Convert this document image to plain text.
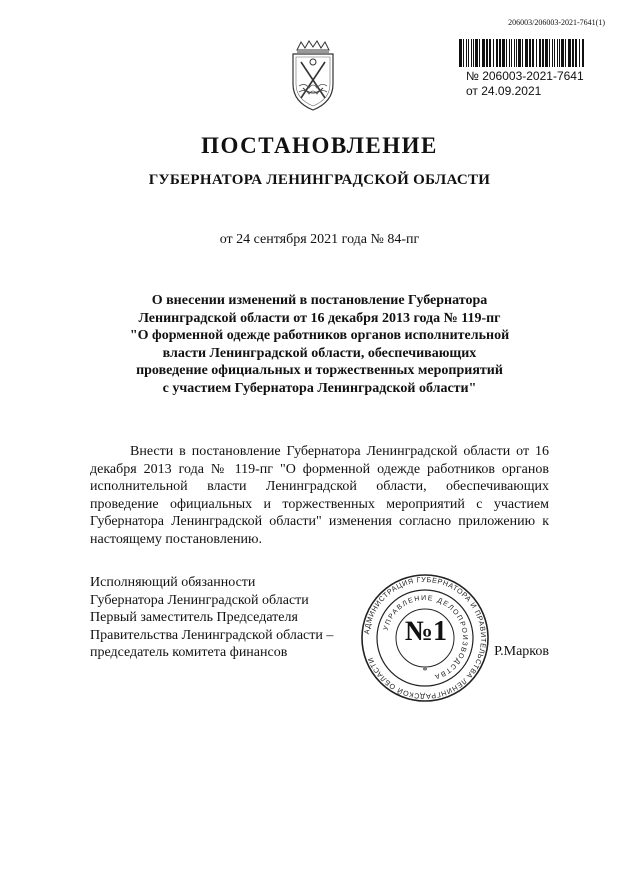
206003/206003-2021-7641(1)
№ 206003-2021-7641
от 24.09.2021
ПОСТАНОВЛЕНИЕ
ГУБЕРНАТОРА ЛЕНИНГРАДСКОЙ ОБЛАСТИ
от 24 сентября 2021 года № 84-пг
О внесении изменений в постановление Губернатора
Ленинградской области от 16 декабря 2013 года № 119-пг
"О форменной одежде работников органов исполнительной
власти Ленинградской области, обеспечивающих
проведение официальных и торжественных мероприятий
с участием Губернатора Ленинградской области"
Внести в постановление Губернатора Ленинградской области от 16 декабря 2013 года № 119-пг "О форменной одежде работников органов исполнительной власти Ленинградской области, обеспечивающих проведение официальных и торжественных мероприятий с участием Губернатора Ленинградской области" изменения согласно приложению к настоящему постановлению.
Исполняющий обязанности
Губернатора Ленинградской области
Первый заместитель Председателя
Правительства Ленинградской области –
председатель комитета финансов
АДМИНИСТРАЦИЯ ГУБЕРНАТОРА И ПРАВИТЕЛЬСТВА ЛЕНИНГРАДСКОЙ ОБЛАСТИ
УПРАВЛЕНИЕ ДЕЛОПРОИЗВОДСТВА
*
№1
Р.Марков
